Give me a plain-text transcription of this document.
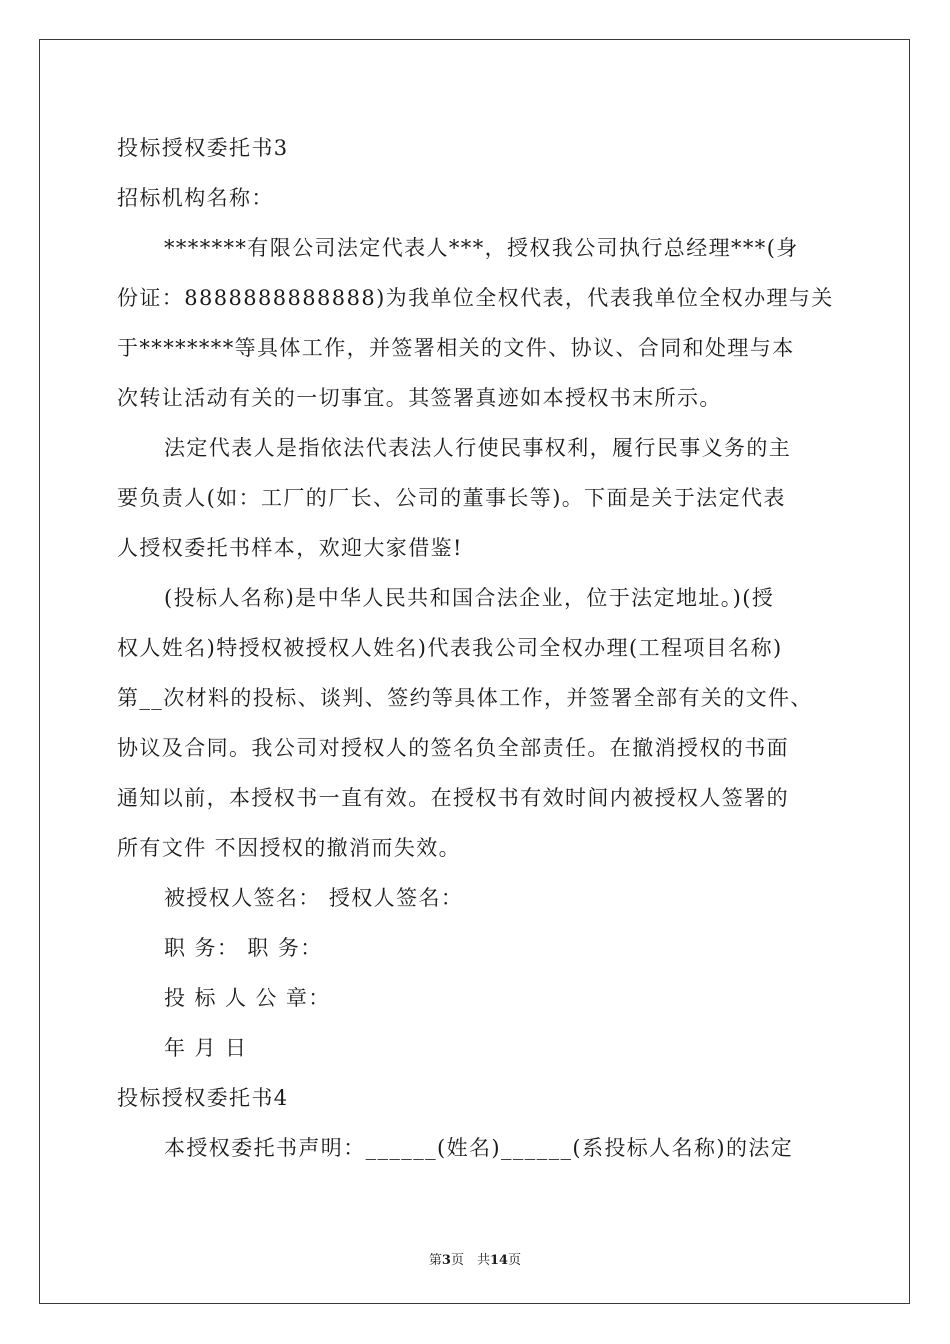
投标授权委托书3
招标机构名称：
*******有限公司法定代表人***，授权我公司执行总经理***(身
份证：8888888888888)为我单位全权代表，代表我单位全权办理与关
于********等具体工作，并签署相关的文件、协议、合同和处理与本
次转让活动有关的一切事宜。其签署真迹如本授权书末所示。
法定代表人是指依法代表法人行使民事权利，履行民事义务的主
要负责人(如：工厂的厂长、公司的董事长等)。下面是关于法定代表
人授权委托书样本，欢迎大家借鉴!
(投标人名称)是中华人民共和国合法企业，位于法定地址。)(授
权人姓名)特授权被授权人姓名)代表我公司全权办理(工程项目名称)
第__次材料的投标、谈判、签约等具体工作，并签署全部有关的文件、
协议及合同。我公司对授权人的签名负全部责任。在撤消授权的书面
通知以前，本授权书一直有效。在授权书有效时间内被授权人签署的
所有文件 不因授权的撤消而失效。
被授权人签名： 授权人签名：
职 务： 职 务：
投 标 人 公 章：
年 月 日
投标授权委托书4
本授权委托书声明：______(姓名)______(系投标人名称)的法定
第3页　共14页
